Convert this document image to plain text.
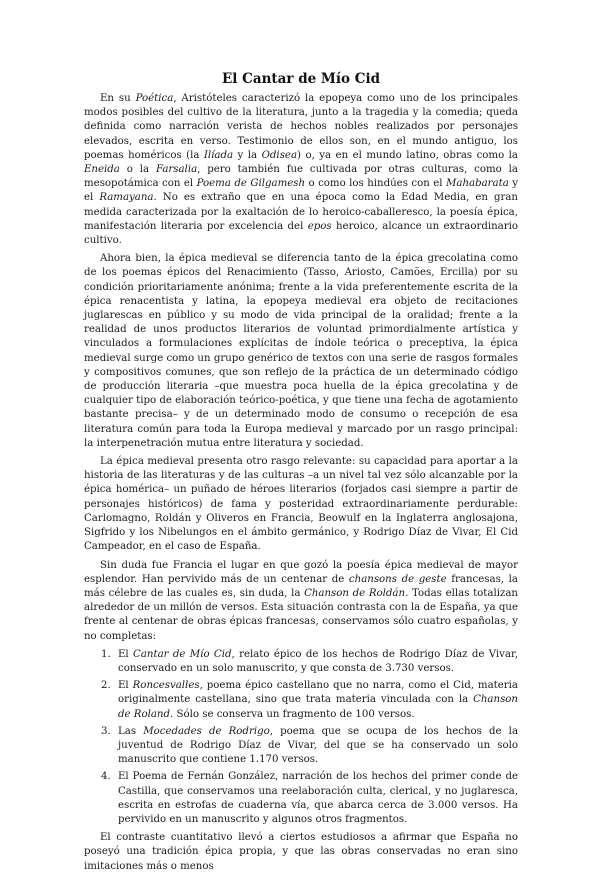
El Cantar de Mío Cid

En su Poética, Aristóteles caracterizó la epopeya como uno de los principales modos posibles del cultivo de la literatura, junto a la tragedia y la comedia; queda definida como narración verista de hechos nobles realizados por personajes elevados, escrita en verso. Testimonio de ellos son, en el mundo antiguo, los poemas homéricos (la Ilíada y la Odisea) o, ya en el mundo latino, obras como la Eneida o la Farsalia, pero también fue cultivada por otras culturas, como la mesopotámica con el Poema de Gilgamesh o como los hindúes con el Mahabarata y el Ramayana. No es extraño que en una época como la Edad Media, en gran medida caracterizada por la exaltación de lo heroico-caballeresco, la poesía épica, manifestación literaria por excelencia del epos heroico, alcance un extraordinario cultivo.

Ahora bien, la épica medieval se diferencia tanto de la épica grecolatina como de los poemas épicos del Renacimiento (Tasso, Ariosto, Camões, Ercilla) por su condición prioritariamente anónima; frente a la vida preferentemente escrita de la épica renacentista y latina, la epopeya medieval era objeto de recitaciones juglarescas en público y su modo de vida principal de la oralidad; frente a la realidad de unos productos literarios de voluntad primordialmente artística y vinculados a formulaciones explícitas de índole teórica o preceptiva, la épica medieval surge como un grupo genérico de textos con una serie de rasgos formales y compositivos comunes, que son reflejo de la práctica de un determinado código de producción literaria –que muestra poca huella de la épica grecolatina y de cualquier tipo de elaboración teórico-poética, y que tiene una fecha de agotamiento bastante precisa– y de un determinado modo de consumo o recepción de esa literatura común para toda la Europa medieval y marcado por un rasgo principal: la interpenetración mutua entre literatura y sociedad.

La épica medieval presenta otro rasgo relevante: su capacidad para aportar a la historia de las literaturas y de las culturas –a un nivel tal vez sólo alcanzable por la épica homérica– un puñado de héroes literarios (forjados casi siempre a partir de personajes históricos) de fama y posteridad extraordinariamente perdurable: Carlomagno, Roldán y Oliveros en Francia, Beowulf en la Inglaterra anglosajona, Sigfrido y los Nibelungos en el ámbito germánico, y Rodrigo Díaz de Vivar, El Cid Campeador, en el caso de España.

Sin duda fue Francia el lugar en que gozó la poesía épica medieval de mayor esplendor. Han pervivido más de un centenar de chansons de geste francesas, la más célebre de las cuales es, sin duda, la Chanson de Roldán. Todas ellas totalizan alrededor de un millón de versos. Esta situación contrasta con la de España, ya que frente al centenar de obras épicas francesas, conservamos sólo cuatro españolas, y no completas:

1. El Cantar de Mío Cid, relato épico de los hechos de Rodrigo Díaz de Vivar, conservado en un solo manuscrito, y que consta de 3.730 versos.
2. El Roncesvalles, poema épico castellano que no narra, como el Cid, materia originalmente castellana, sino que trata materia vinculada con la Chanson de Roland. Sólo se conserva un fragmento de 100 versos.
3. Las Mocedades de Rodrigo, poema que se ocupa de los hechos de la juventud de Rodrigo Díaz de Vivar, del que se ha conservado un solo manuscrito que contiene 1.170 versos.
4. El Poema de Fernán González, narración de los hechos del primer conde de Castilla, que conservamos una reelaboración culta, clerical, y no juglaresca, escrita en estrofas de cuaderna vía, que abarca cerca de 3.000 versos. Ha pervivido en un manuscrito y algunos otros fragmentos.

El contraste cuantitativo llevó a ciertos estudiosos a afirmar que España no poseyó una tradición épica propia, y que las obras conservadas no eran sino imitaciones más o menos
